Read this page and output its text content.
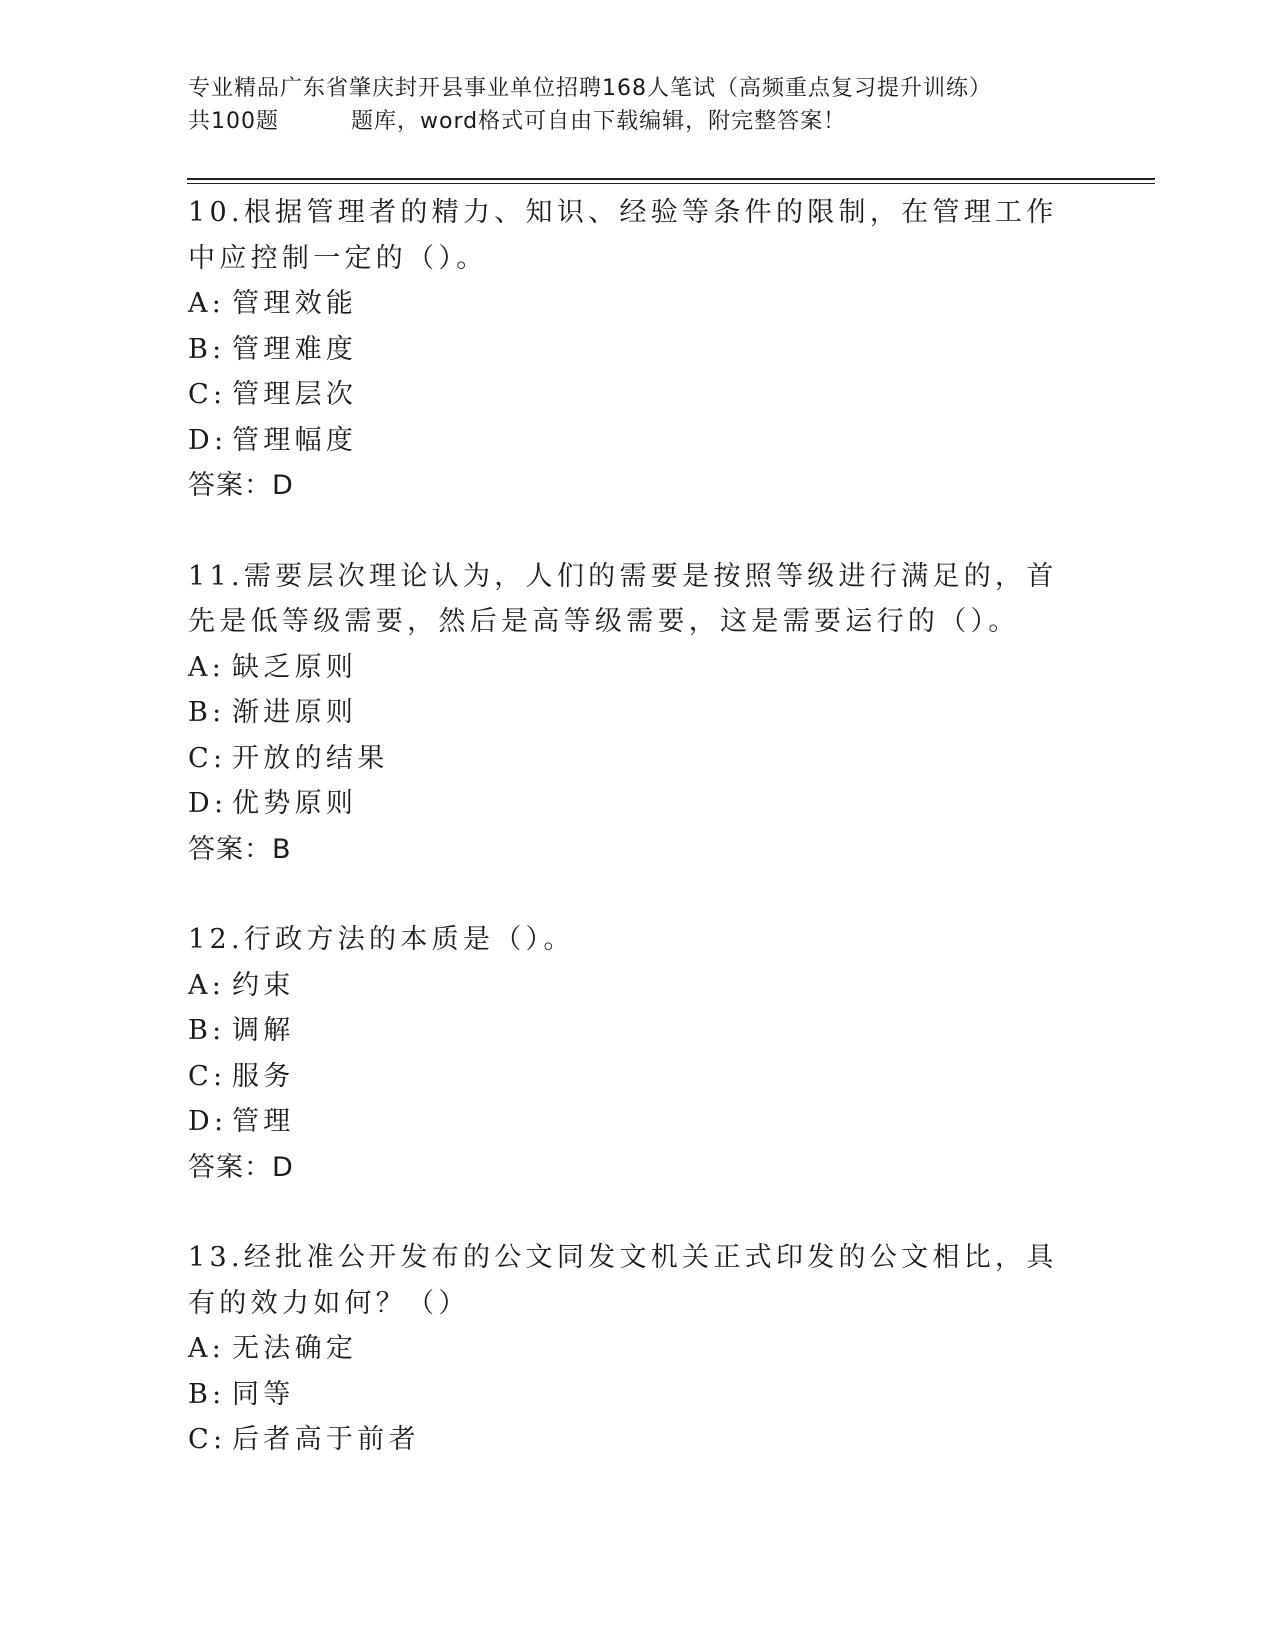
专业精品广东省肇庆封开县事业单位招聘168人笔试（高频重点复习提升训练）
共100题	题库，word格式可自由下载编辑，附完整答案！

10.根据管理者的精力、知识、经验等条件的限制，在管理工作中应控制一定的（）。

A: 管理效能

B: 管理难度

C: 管理层次

D: 管理幅度

答案：D

11.需要层次理论认为，人们的需要是按照等级进行满足的，首先是低等级需要，然后是高等级需要，这是需要运行的（）。

A: 缺乏原则

B: 渐进原则

C: 开放的结果

D: 优势原则

答案：B

12.行政方法的本质是（）。

A: 约束

B: 调解

C: 服务

D: 管理

答案：D

13.经批准公开发布的公文同发文机关正式印发的公文相比，具有的效力如何？（）

A: 无法确定

B: 同等

C: 后者高于前者
